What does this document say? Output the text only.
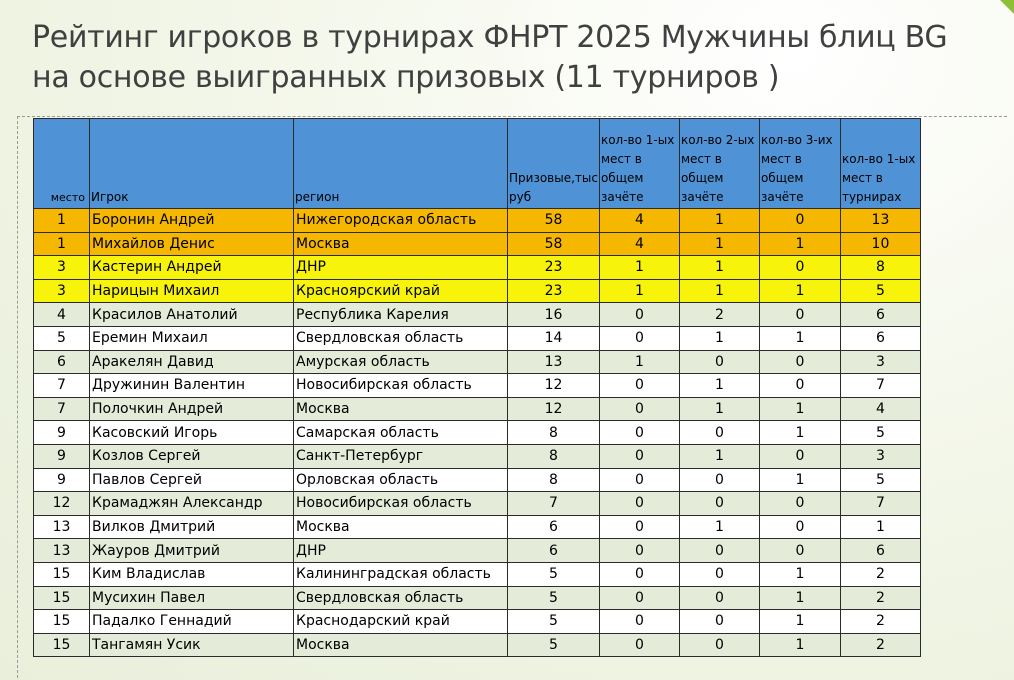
Рейтинг игроков в турнирах ФНРТ 2025 Мужчины блиц BG
на основе выигранных призовых (11 турниров )
место	Игрок	регион	Призовые,тыс руб	кол-во 1-ых мест в общем зачёте	кол-во 2-ых мест в общем зачёте	кол-во 3-их мест в общем зачёте	кол-во 1-ых мест в турнирах
1	Боронин Андрей	Нижегородская область	58	4	1	0	13
1	Михайлов Денис	Москва	58	4	1	1	10
3	Кастерин Андрей	ДНР	23	1	1	0	8
3	Нарицын Михаил	Красноярский край	23	1	1	1	5
4	Красилов Анатолий	Республика Карелия	16	0	2	0	6
5	Еремин Михаил	Свердловская область	14	0	1	1	6
6	Аракелян Давид	Амурская область	13	1	0	0	3
7	Дружинин Валентин	Новосибирская область	12	0	1	0	7
7	Полочкин Андрей	Москва	12	0	1	1	4
9	Касовский Игорь	Самарская область	8	0	0	1	5
9	Козлов Сергей	Санкт-Петербург	8	0	1	0	3
9	Павлов Сергей	Орловская область	8	0	0	1	5
12	Крамаджян Александр	Новосибирская область	7	0	0	0	7
13	Вилков Дмитрий	Москва	6	0	1	0	1
13	Жауров Дмитрий	ДНР	6	0	0	0	6
15	Ким Владислав	Калининградская область	5	0	0	1	2
15	Мусихин Павел	Свердловская область	5	0	0	1	2
15	Падалко Геннадий	Краснодарский край	5	0	0	1	2
15	Тангамян Усик	Москва	5	0	0	1	2
